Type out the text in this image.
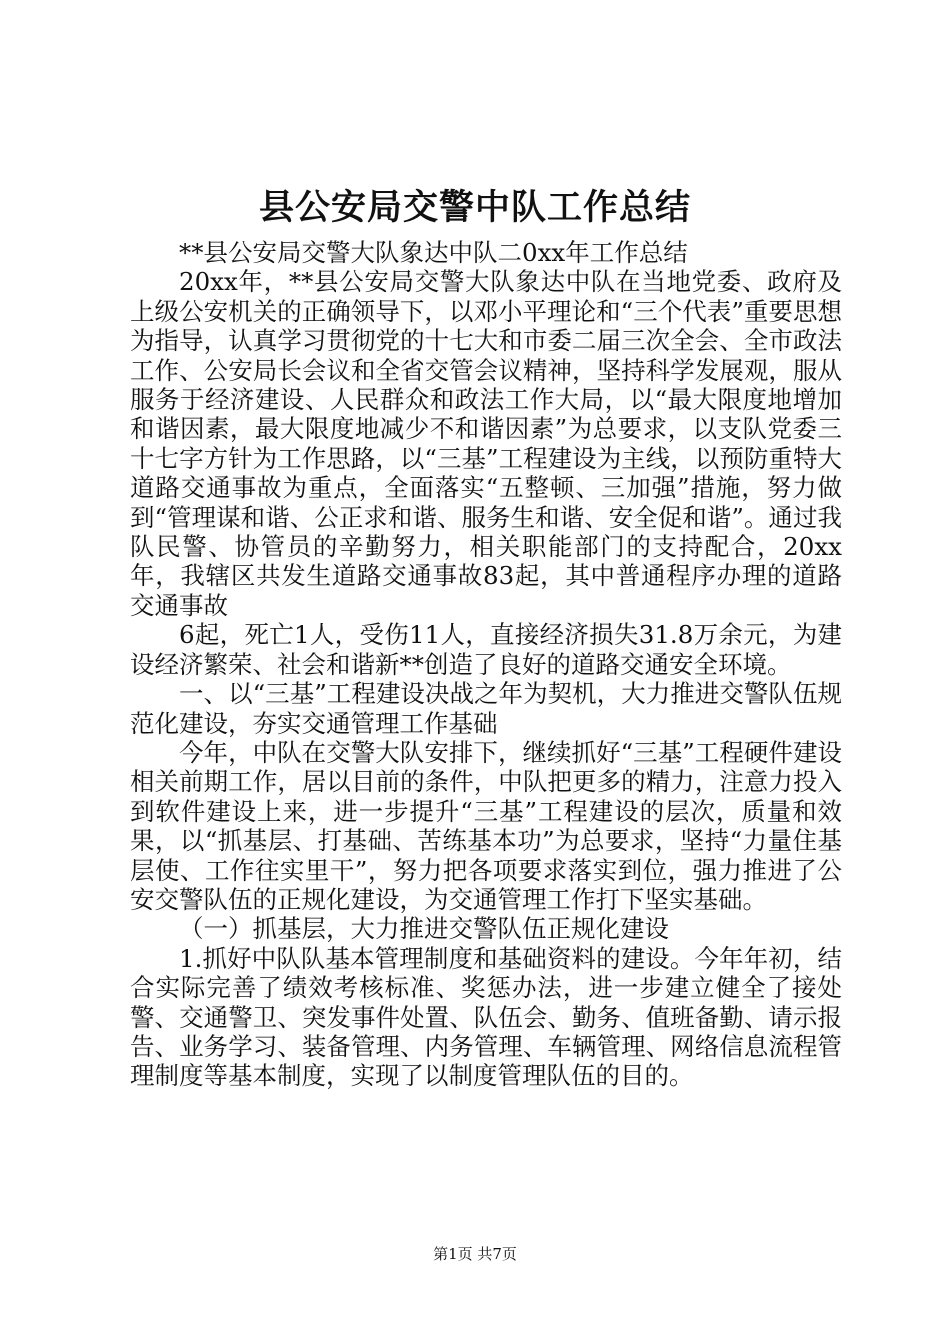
县公安局交警中队工作总结

**县公安局交警大队象达中队二0xx年工作总结

20xx年，**县公安局交警大队象达中队在当地党委、政府及上级公安机关的正确领导下，以邓小平理论和“三个代表”重要思想为指导，认真学习贯彻党的十七大和市委二届三次全会、全市政法工作、公安局长会议和全省交管会议精神，坚持科学发展观，服从服务于经济建设、人民群众和政法工作大局，以“最大限度地增加和谐因素，最大限度地减少不和谐因素”为总要求，以支队党委三十七字方针为工作思路，以“三基”工程建设为主线，以预防重特大道路交通事故为重点，全面落实“五整顿、三加强”措施，努力做到“管理谋和谐、公正求和谐、服务生和谐、安全促和谐”。通过我队民警、协管员的辛勤努力，相关职能部门的支持配合，20xx年，我辖区共发生道路交通事故83起，其中普通程序办理的道路交通事故

6起，死亡1人，受伤11人，直接经济损失31.8万余元，为建设经济繁荣、社会和谐新**创造了良好的道路交通安全环境。

一、以“三基”工程建设决战之年为契机，大力推进交警队伍规范化建设，夯实交通管理工作基础

今年，中队在交警大队安排下，继续抓好“三基”工程硬件建设相关前期工作，居以目前的条件，中队把更多的精力，注意力投入到软件建设上来，进一步提升“三基”工程建设的层次，质量和效果，以“抓基层、打基础、苦练基本功”为总要求，坚持“力量住基层使、工作往实里干”，努力把各项要求落实到位，强力推进了公安交警队伍的正规化建设，为交通管理工作打下坚实基础。

（一）抓基层，大力推进交警队伍正规化建设

1.抓好中队队基本管理制度和基础资料的建设。今年年初，结合实际完善了绩效考核标准、奖惩办法，进一步建立健全了接处警、交通警卫、突发事件处置、队伍会、勤务、值班备勤、请示报告、业务学习、装备管理、内务管理、车辆管理、网络信息流程管理制度等基本制度，实现了以制度管理队伍的目的。

第1页 共7页
